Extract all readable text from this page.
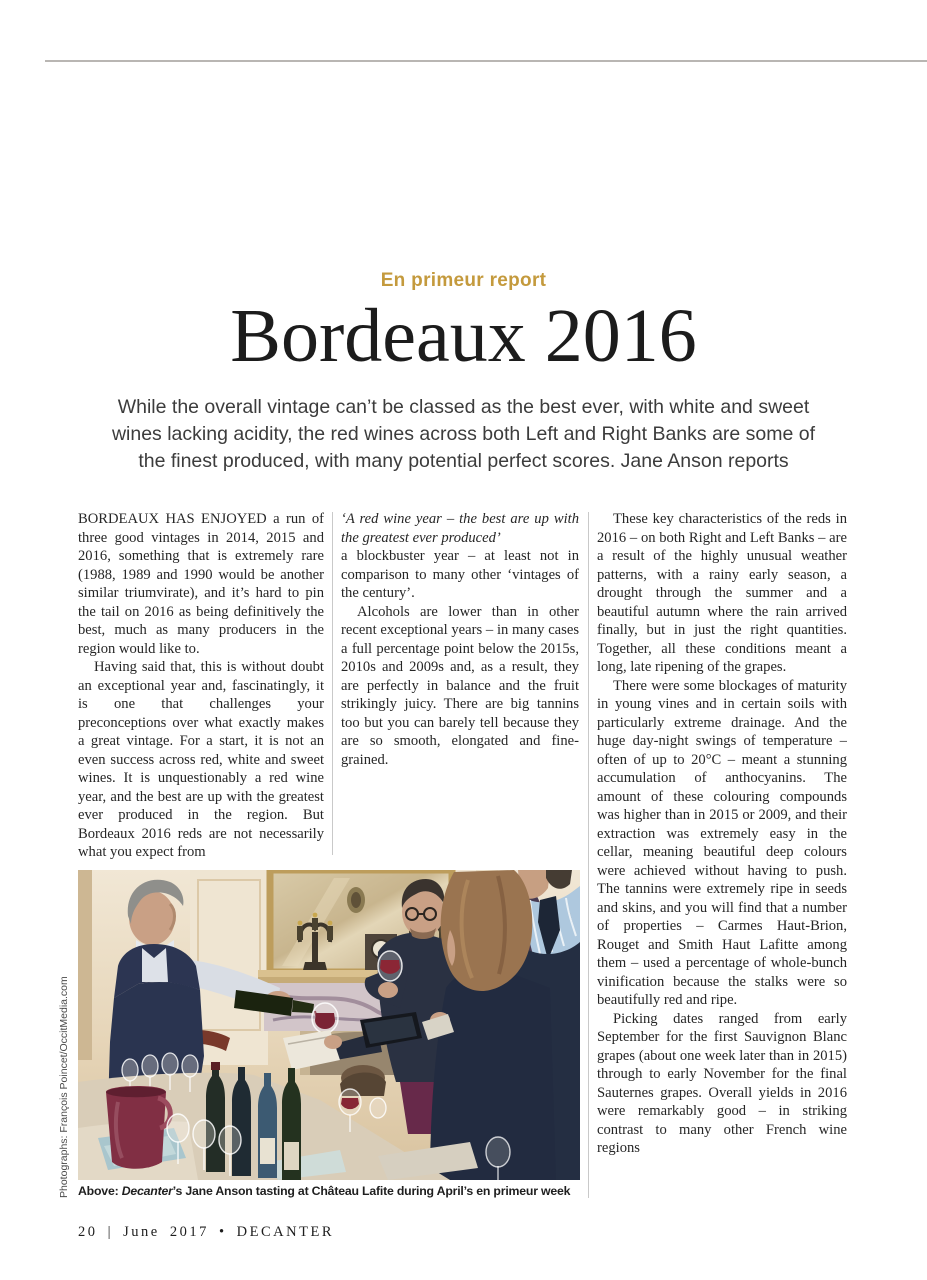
En primeur report
Bordeaux 2016
While the overall vintage can’t be classed as the best ever, with white and sweet wines lacking acidity, the red wines across both Left and Right Banks are some of the finest produced, with many potential perfect scores. Jane Anson reports

BORDEAUX HAS ENJOYED a run of three good vintages in 2014, 2015 and 2016, something that is extremely rare (1988, 1989 and 1990 would be another similar triumvirate), and it’s hard to pin the tail on 2016 as being definitively the best, much as many producers in the region would like to.

Having said that, this is without doubt an exceptional year and, fascinatingly, it is one that challenges your preconceptions over what exactly makes a great vintage. For a start, it is not an even success across red, white and sweet wines. It is unquestionably a red wine year, and the best are up with the greatest ever produced in the region. But Bordeaux 2016 reds are not necessarily what you expect from

‘A red wine year – the best are up with the greatest ever produced’

a blockbuster year – at least not in comparison to many other ‘vintages of the century’.

Alcohols are lower than in other recent exceptional years – in many cases a full percentage point below the 2015s, 2010s and 2009s and, as a result, they are perfectly in balance and the fruit strikingly juicy. There are big tannins too but you can barely tell because they are so smooth, elongated and fine-grained.

These key characteristics of the reds in 2016 – on both Right and Left Banks – are a result of the highly unusual weather patterns, with a rainy early season, a drought through the summer and a beautiful autumn where the rain arrived finally, but in just the right quantities. Together, all these conditions meant a long, late ripening of the grapes.

There were some blockages of maturity in young vines and in certain soils with particularly extreme drainage. And the huge day-night swings of temperature – often of up to 20°C – meant a stunning accumulation of anthocyanins. The amount of these colouring compounds was higher than in 2015 or 2009, and their extraction was extremely easy in the cellar, meaning beautiful deep colours were achieved without having to push. The tannins were extremely ripe in seeds and skins, and you will find that a number of properties – Carmes Haut-Brion, Rouget and Smith Haut Lafitte among them – used a percentage of whole-bunch vinification because the stalks were so beautifully red and ripe.

Picking dates ranged from early September for the first Sauvignon Blanc grapes (about one week later than in 2015) through to early November for the final Sauternes grapes. Overall yields in 2016 were remarkably good – in striking contrast to many other French wine regions

Above: Decanter’s Jane Anson tasting at Château Lafite during April’s en primeur week
Photographs: François Poincet/OccitMedia.com
20 | June 2017 • DECANTER
